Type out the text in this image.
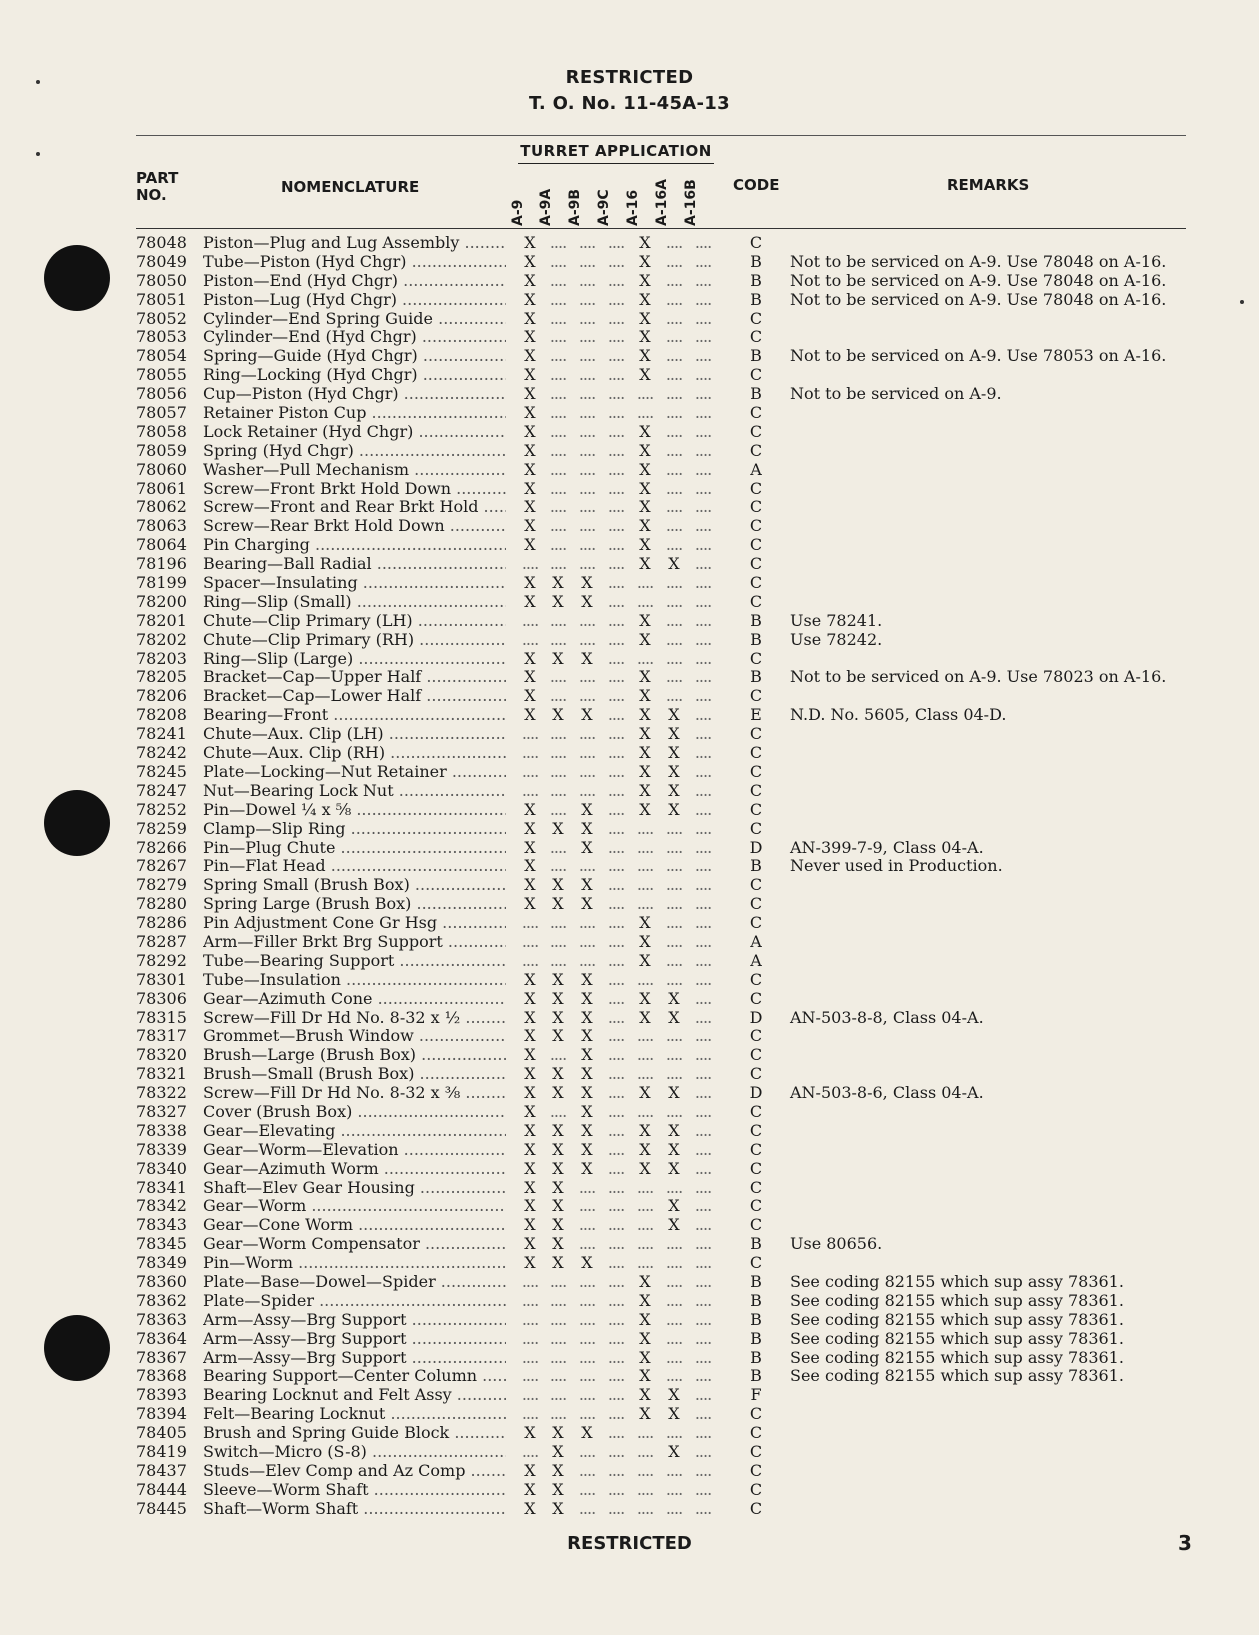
RESTRICTED
T. O. No. 11-45A-13
PART NO.	NOMENCLATURE
TURRET APPLICATION
A-9 A-9A A-9B A-9C A-16 A-16A A-16B CODE	REMARKS
78048 Piston—Plug and Lug Assembly .....	X .... .... .... X .... .... C
78049 Tube—Piston (Hyd Chgr) .....	X .... .... .... X .... .... B Not to be serviced on A-9. Use 78048 on A-16.
78050 Piston—End (Hyd Chgr) .....	X .... .... .... X .... .... B Not to be serviced on A-9. Use 78048 on A-16.
78051 Piston—Lug (Hyd Chgr) .....	X .... .... .... X .... .... B Not to be serviced on A-9. Use 78048 on A-16.
78052 Cylinder—End Spring Guide .....	X .... .... .... X .... .... C
78053 Cylinder—End (Hyd Chgr) .....	X .... .... .... X .... .... C
78054 Spring—Guide (Hyd Chgr) .....	X .... .... .... X .... .... B Not to be serviced on A-9. Use 78053 on A-16.
78055 Ring—Locking (Hyd Chgr) .....	X .... .... .... X .... .... C
78056 Cup—Piston (Hyd Chgr) .....	X .... .... .... .... .... .... B Not to be serviced on A-9.
78057 Retainer Piston Cup .....	X .... .... .... .... .... .... C
78058 Lock Retainer (Hyd Chgr) .....	X .... .... .... X .... .... C
78059 Spring (Hyd Chgr) .....	X .... .... .... X .... .... C
78060 Washer—Pull Mechanism .....	X .... .... .... X .... .... A
78061 Screw—Front Brkt Hold Down .....	X .... .... .... X .... .... C
78062 Screw—Front and Rear Brkt Hold .....	X .... .... .... X .... .... C
78063 Screw—Rear Brkt Hold Down .....	X .... .... .... X .... .... C
78064 Pin Charging .....	X .... .... .... X .... .... C
78196 Bearing—Ball Radial .....	.... .... .... .... X X .... C
78199 Spacer—Insulating .....	X X X .... .... .... .... C
78200 Ring—Slip (Small) .....	X X X .... .... .... .... C
78201 Chute—Clip Primary (LH) .....	.... .... .... .... X .... .... B Use 78241.
78202 Chute—Clip Primary (RH) .....	.... .... .... .... X .... .... B Use 78242.
78203 Ring—Slip (Large) .....	X X X .... .... .... .... C
78205 Bracket—Cap—Upper Half .....	X .... .... .... X .... .... B Not to be serviced on A-9. Use 78023 on A-16.
78206 Bracket—Cap—Lower Half .....	X .... .... .... X .... .... C
78208 Bearing—Front .....	X X X .... X X .... E N.D. No. 5605, Class 04-D.
78241 Chute—Aux. Clip (LH) .....	.... .... .... .... X X .... C
78242 Chute—Aux. Clip (RH) .....	.... .... .... .... X X .... C
78245 Plate—Locking—Nut Retainer .....	.... .... .... .... X X .... C
78247 Nut—Bearing Lock Nut .....	.... .... .... .... X X .... C
78252 Pin—Dowel ¼ x ⅝ .....	X .... X .... X X .... C
78259 Clamp—Slip Ring .....	X X X .... .... .... .... C
78266 Pin—Plug Chute .....	X .... X .... .... .... .... D AN-399-7-9, Class 04-A.
78267 Pin—Flat Head .....	X .... .... .... .... .... .... B Never used in Production.
78279 Spring Small (Brush Box) .....	X X X .... .... .... .... C
78280 Spring Large (Brush Box) .....	X X X .... .... .... .... C
78286 Pin Adjustment Cone Gr Hsg .....	.... .... .... .... X .... .... C
78287 Arm—Filler Brkt Brg Support .....	.... .... .... .... X .... .... A
78292 Tube—Bearing Support .....	.... .... .... .... X .... .... A
78301 Tube—Insulation .....	X X X .... .... .... .... C
78306 Gear—Azimuth Cone .....	X X X .... X X .... C
78315 Screw—Fill Dr Hd No. 8-32 x ½ .....	X X X .... X X .... D AN-503-8-8, Class 04-A.
78317 Grommet—Brush Window .....	X X X .... .... .... .... C
78320 Brush—Large (Brush Box) .....	X .... X .... .... .... .... C
78321 Brush—Small (Brush Box) .....	X X X .... .... .... .... C
78322 Screw—Fill Dr Hd No. 8-32 x ⅜ .....	X X X .... X X .... D AN-503-8-6, Class 04-A.
78327 Cover (Brush Box) .....	X .... X .... .... .... .... C
78338 Gear—Elevating .....	X X X .... X X .... C
78339 Gear—Worm—Elevation .....	X X X .... X X .... C
78340 Gear—Azimuth Worm .....	X X X .... X X .... C
78341 Shaft—Elev Gear Housing .....	X X .... .... .... .... .... C
78342 Gear—Worm .....	X X .... .... .... X .... C
78343 Gear—Cone Worm .....	X X .... .... .... X .... C
78345 Gear—Worm Compensator .....	X X .... .... .... .... .... B Use 80656.
78349 Pin—Worm .....	X X X .... .... .... .... C
78360 Plate—Base—Dowel—Spider .....	.... .... .... .... X .... .... B See coding 82155 which sup assy 78361.
78362 Plate—Spider .....	.... .... .... .... X .... .... B See coding 82155 which sup assy 78361.
78363 Arm—Assy—Brg Support .....	.... .... .... .... X .... .... B See coding 82155 which sup assy 78361.
78364 Arm—Assy—Brg Support .....	.... .... .... .... X .... .... B See coding 82155 which sup assy 78361.
78367 Arm—Assy—Brg Support .....	.... .... .... .... X .... .... B See coding 82155 which sup assy 78361.
78368 Bearing Support—Center Column .....	.... .... .... .... X .... .... B See coding 82155 which sup assy 78361.
78393 Bearing Locknut and Felt Assy .....	.... .... .... .... X X .... F
78394 Felt—Bearing Locknut .....	.... .... .... .... X X .... C
78405 Brush and Spring Guide Block .....	X X X .... .... .... .... C
78419 Switch—Micro (S-8) .....	.... X .... .... .... X .... C
78437 Studs—Elev Comp and Az Comp .....	X X .... .... .... .... .... C
78444 Sleeve—Worm Shaft .....	X X .... .... .... .... .... C
78445 Shaft—Worm Shaft .....	X X .... .... .... .... .... C
RESTRICTED	3
